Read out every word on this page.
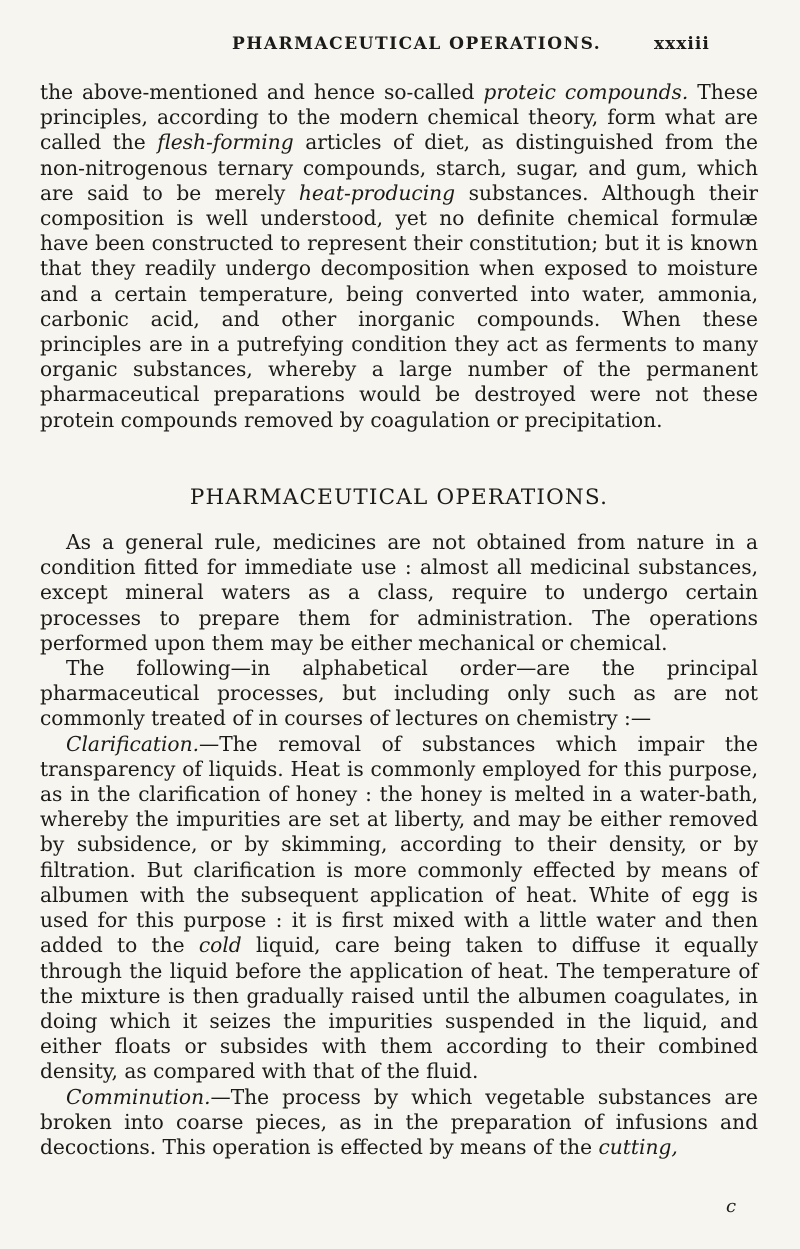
PHARMACEUTICAL OPERATIONS.	xxxiii

the above-mentioned and hence so-called proteic compounds. These principles, according to the modern chemical theory, form what are called the flesh-forming articles of diet, as distinguished from the non-nitrogenous ternary compounds, starch, sugar, and gum, which are said to be merely heat-producing substances. Although their composition is well understood, yet no definite chemical formulæ have been constructed to represent their constitution; but it is known that they readily undergo decomposition when exposed to moisture and a certain temperature, being converted into water, ammonia, carbonic acid, and other inorganic compounds. When these principles are in a putrefying condition they act as ferments to many organic substances, whereby a large number of the permanent pharmaceutical preparations would be destroyed were not these protein compounds removed by coagulation or precipitation.

PHARMACEUTICAL OPERATIONS.

As a general rule, medicines are not obtained from nature in a condition fitted for immediate use : almost all medicinal substances, except mineral waters as a class, require to undergo certain processes to prepare them for administration. The operations performed upon them may be either mechanical or chemical.

The following—in alphabetical order—are the principal pharmaceutical processes, but including only such as are not commonly treated of in courses of lectures on chemistry :—

Clarification.—The removal of substances which impair the transparency of liquids. Heat is commonly employed for this purpose, as in the clarification of honey : the honey is melted in a water-bath, whereby the impurities are set at liberty, and may be either removed by subsidence, or by skimming, according to their density, or by filtration. But clarification is more commonly effected by means of albumen with the subsequent application of heat. White of egg is used for this purpose : it is first mixed with a little water and then added to the cold liquid, care being taken to diffuse it equally through the liquid before the application of heat. The temperature of the mixture is then gradually raised until the albumen coagulates, in doing which it seizes the impurities suspended in the liquid, and either floats or subsides with them according to their combined density, as compared with that of the fluid.

Comminution.—The process by which vegetable substances are broken into coarse pieces, as in the preparation of infusions and decoctions. This operation is effected by means of the cutting,

c
